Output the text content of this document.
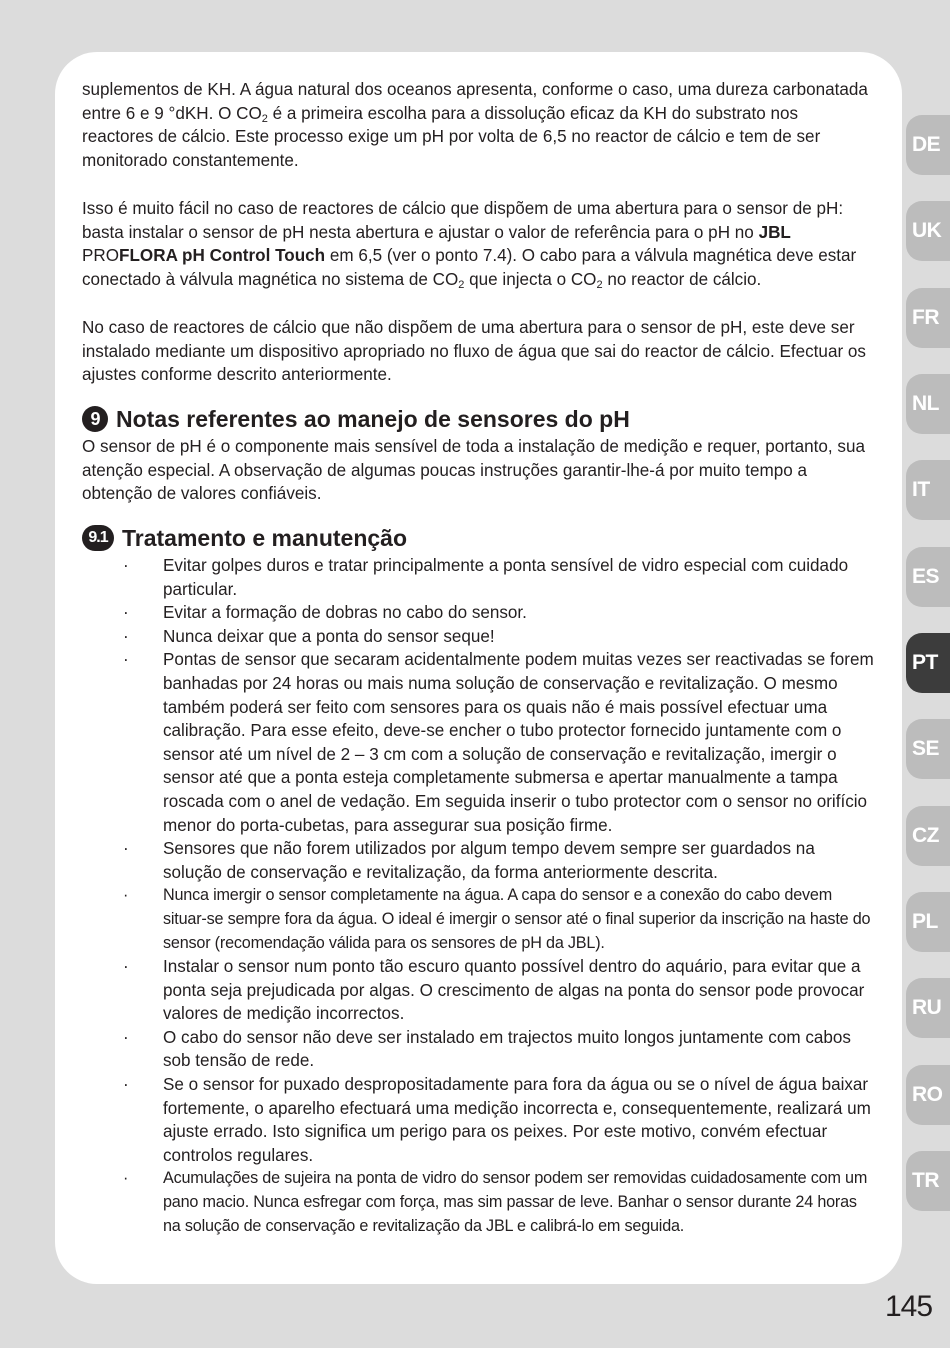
suplementos de KH. A água natural dos oceanos apresenta, conforme o caso, uma dureza carbonatada entre 6 e 9 °dKH. O $CO_2$ é a primeira escolha para a dissolução eficaz da KH do substrato nos reactores de cálcio. Este processo exige um pH por volta de 6,5 no reactor de cálcio e tem de ser monitorado constantemente.

Isso é muito fácil no caso de reactores de cálcio que dispõem de uma abertura para o sensor de pH: basta instalar o sensor de pH nesta abertura e ajustar o valor de referência para o pH no JBL
PROFLORA pH Control Touch em 6,5 (ver o ponto 7.4). O cabo para a válvula magnética deve estar conectado à válvula magnética no sistema de $CO_2$ que injecta o $CO_2$ no reactor de cálcio.

No caso de reactores de cálcio que não dispõem de uma abertura para o sensor de pH, este deve ser instalado mediante um dispositivo apropriado no fluxo de água que sai do reactor de cálcio. Efectuar os ajustes conforme descrito anteriormente.

9 Notas referentes ao manejo de sensores do pH

O sensor de pH é o componente mais sensível de toda a instalação de medição e requer, portanto, sua atenção especial. A observação de algumas poucas instruções garantir-lhe-á por muito tempo a obtenção de valores confiáveis.

9.1 Tratamento e manutenção
· Evitar golpes duros e tratar principalmente a ponta sensível de vidro especial com cuidado particular.
· Evitar a formação de dobras no cabo do sensor.
· Nunca deixar que a ponta do sensor seque!
· Pontas de sensor que secaram acidentalmente podem muitas vezes ser reactivadas se forem banhadas por 24 horas ou mais numa solução de conservação e revitalização. O mesmo também poderá ser feito com sensores para os quais não é mais possível efectuar uma calibração. Para esse efeito, deve-se encher o tubo protector fornecido juntamente com o sensor até um nível de 2 – 3 cm com a solução de conservação e revitalização, imergir o sensor até que a ponta esteja completamente submersa e apertar manualmente a tampa roscada com o anel de vedação. Em seguida inserir o tubo protector com o sensor no orifício menor do porta-cubetas, para assegurar sua posição firme.
· Sensores que não forem utilizados por algum tempo devem sempre ser guardados na solução de conservação e revitalização, da forma anteriormente descrita.
· Nunca imergir o sensor completamente na água. A capa do sensor e a conexão do cabo devem situar-se sempre fora da água. O ideal é imergir o sensor até o final superior da inscrição na haste do sensor (recomendação válida para os sensores de pH da JBL).
· Instalar o sensor num ponto tão escuro quanto possível dentro do aquário, para evitar que a ponta seja prejudicada por algas. O crescimento de algas na ponta do sensor pode provocar valores de medição incorrectos.
· O cabo do sensor não deve ser instalado em trajectos muito longos juntamente com cabos sob tensão de rede.
· Se o sensor for puxado despropositadamente para fora da água ou se o nível de água baixar fortemente, o aparelho efectuará uma medição incorrecta e, consequentemente, realizará um ajuste errado. Isto significa um perigo para os peixes. Por este motivo, convém efectuar controlos regulares.
· Acumulações de sujeira na ponta de vidro do sensor podem ser removidas cuidadosamente com um pano macio. Nunca esfregar com força, mas sim passar de leve. Banhar o sensor durante 24 horas na solução de conservação e revitalização da JBL e calibrá-lo em seguida.
DE
UK
FR
NL
IT
ES
PT
SE
CZ
PL
RU
RO
TR
145
